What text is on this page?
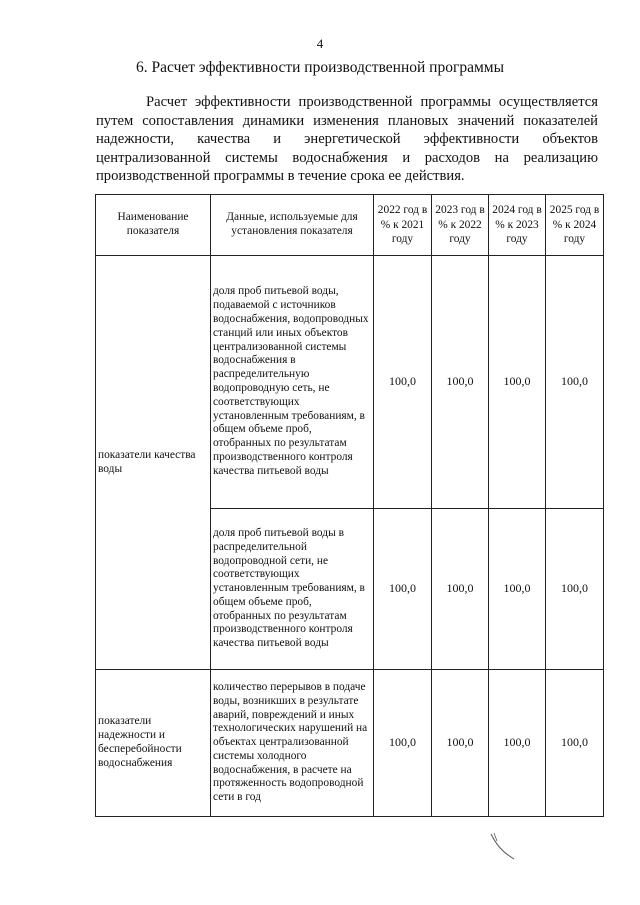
4
6. Расчет эффективности производственной программы

Расчет эффективности производственной программы осуществляется путем сопоставления динамики изменения плановых значений показателей надежности, качества и энергетической эффективности объектов централизованной системы водоснабжения и расходов на реализацию производственной программы в течение срока ее действия.

Наименование показателя	Данные, используемые для установления показателя	2022 год в % к 2021 году	2023 год в % к 2022 году	2024 год в % к 2023 году	2025 год в % к 2024 году
показатели качества воды	доля проб питьевой воды, подаваемой с источников водоснабжения, водопроводных станций или иных объектов централизованной системы водоснабжения в распределительную водопроводную сеть, не соответствующих установленным требованиям, в общем объеме проб, отобранных по результатам производственного контроля качества питьевой воды	100,0	100,0	100,0	100,0
	доля проб питьевой воды в распределительной водопроводной сети, не соответствующих установленным требованиям, в общем объеме проб, отобранных по результатам производственного контроля качества питьевой воды	100,0	100,0	100,0	100,0
показатели надежности и бесперебойности водоснабжения	количество перерывов в подаче воды, возникших в результате аварий, повреждений и иных технологических нарушений на объектах централизованной системы холодного водоснабжения, в расчете на протяженность водопроводной сети в год	100,0	100,0	100,0	100,0
